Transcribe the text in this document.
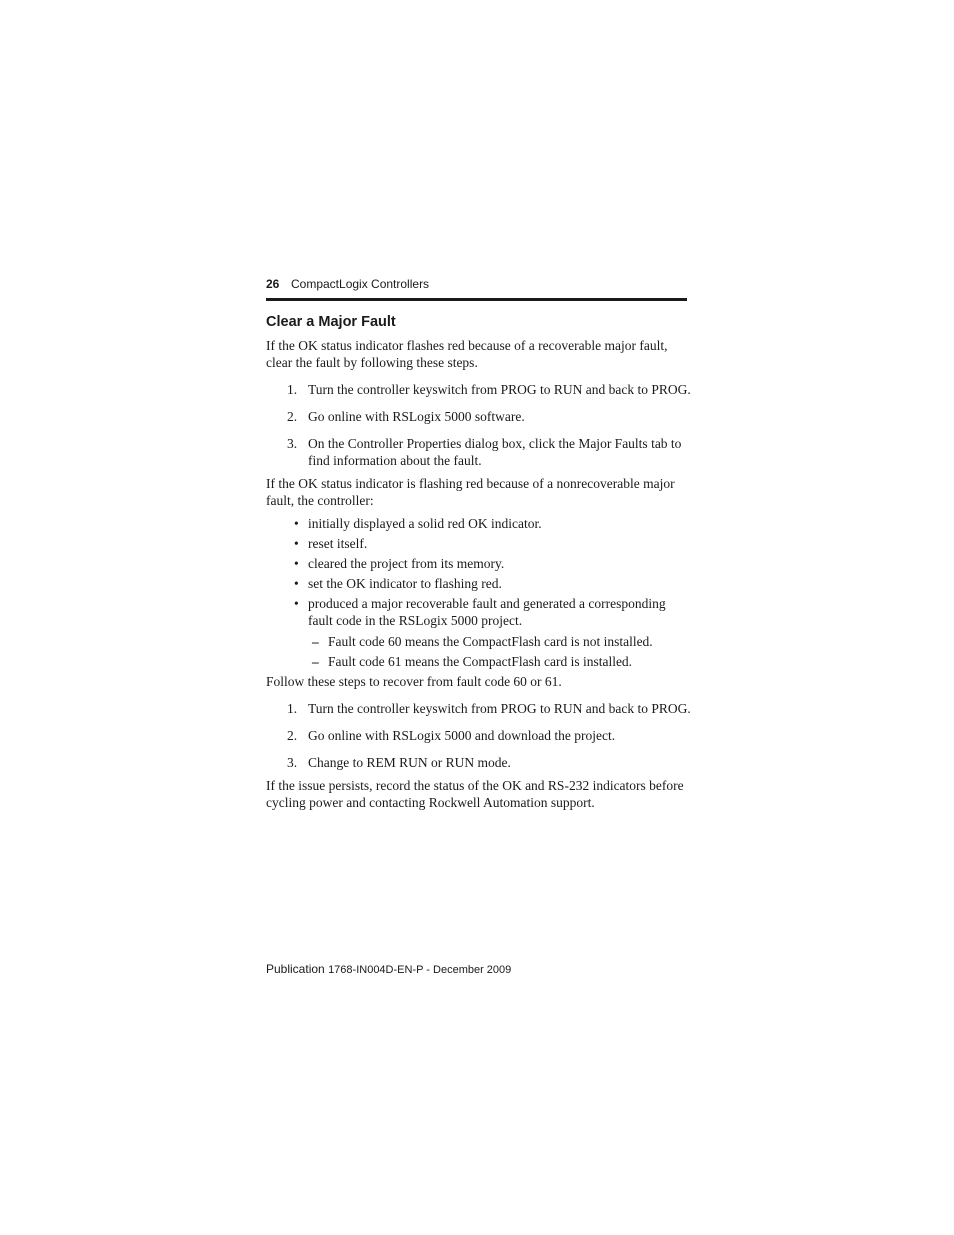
26 CompactLogix Controllers
Clear a Major Fault

If the OK status indicator flashes red because of a recoverable major fault, clear the fault by following these steps.

1. Turn the controller keyswitch from PROG to RUN and back to PROG.
2. Go online with RSLogix 5000 software.
3. On the Controller Properties dialog box, click the Major Faults tab to find information about the fault.

If the OK status indicator is flashing red because of a nonrecoverable major fault, the controller:

• initially displayed a solid red OK indicator.
• reset itself.
• cleared the project from its memory.
• set the OK indicator to flashing red.
• produced a major recoverable fault and generated a corresponding fault code in the RSLogix 5000 project.
– Fault code 60 means the CompactFlash card is not installed.
– Fault code 61 means the CompactFlash card is installed.

Follow these steps to recover from fault code 60 or 61.

1. Turn the controller keyswitch from PROG to RUN and back to PROG.
2. Go online with RSLogix 5000 and download the project.
3. Change to REM RUN or RUN mode.

If the issue persists, record the status of the OK and RS-232 indicators before cycling power and contacting Rockwell Automation support.

Publication 1768-IN004D-EN-P - December 2009
